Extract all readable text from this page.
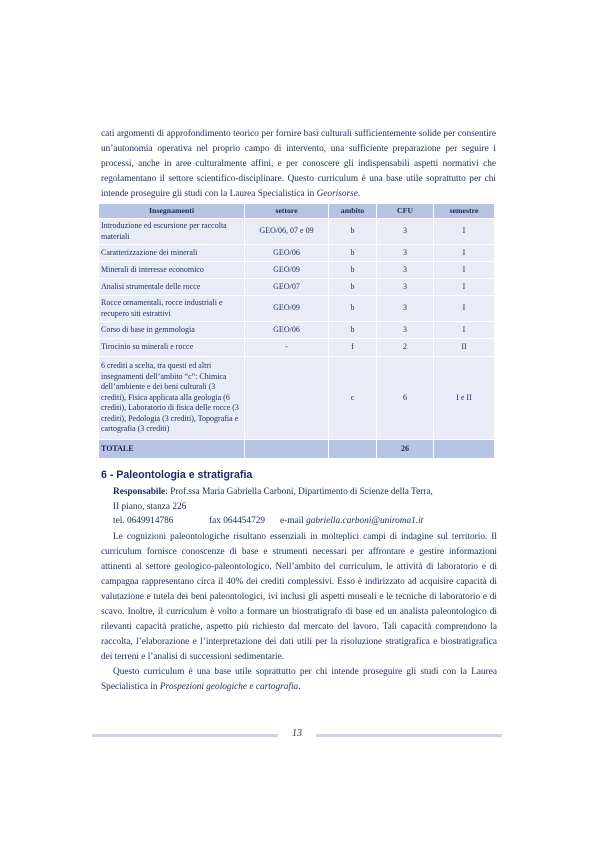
cati argomenti di approfondimento teorico per fornire basi culturali sufficientemente solide per consentire un’autonomia operativa nel proprio campo di intervento, una sufficiente preparazione per seguire i processi, anche in aree culturalmente affini, e per conoscere gli indispensabili aspetti normativi che regolamentano il settore scientifico-disciplinare. Questo curriculum è una base utile soprattutto per chi intende proseguire gli studi con la Laurea Specialistica in Georisorse.

Insegnamenti	settore	ambito	CFU	semestre
Introduzione ed escursione per raccolta materiali	GEO/06, 07 e 09	b	3	I
Caratterizzazione dei minerali	GEO/06	b	3	I
Minerali di interesse economico	GEO/09	b	3	I
Analisi strumentale delle rocce	GEO/07	b	3	I
Rocce ornamentali, rocce industriali e recupero siti estrattivi	GEO/09	b	3	I
Corso di base in gemmologia	GEO/06	b	3	I
Tirocinio su minerali e rocce	-	f	2	II
6 crediti a scelta, tra questi ed altri insegnamenti dell’ambito “c”: Chimica dell’ambiente e dei beni culturali (3 crediti), Fisica applicata alla geologia (6 crediti), Laboratorio di fisica delle rocce (3 crediti), Pedologia (3 crediti), Topografia e cartografia (3 crediti)		c	6	I e II
TOTALE			26	
6 - Paleontologia e stratigrafia
Responsabile: Prof.ssa Maria Gabriella Carboni, Dipartimento di Scienze della Terra,
II piano, stanza 226
tel. 0649914786	fax 064454729 e-mail gabriella.carboni@uniroma1.it

Le cognizioni paleontologiche risultano essenziali in molteplici campi di indagine sul territorio. Il curriculum fornisce conoscenze di base e strumenti necessari per affrontare e gestire informazioni attinenti al settore geologico-paleontologico. Nell’ambito del curriculum, le attività di laboratorio e di campagna rappresentano circa il 40% dei crediti complessivi. Esso è indirizzato ad acquisire capacità di valutazione e tutela dei beni paleontologici, ivi inclusi gli aspetti museali e le tecniche di laboratorio e di scavo. Inoltre, il curriculum è volto a formare un biostratigrafo di base ed un analista paleontologico di rilevanti capacità pratiche, aspetto più richiesto dal mercato del lavoro. Tali capacità comprendono la raccolta, l’elaborazione e l’interpretazione dei dati utili per la risoluzione stratigrafica e biostratigrafica dei terreni e l’analisi di successioni sedimentarie.

Questo curriculum è una base utile soprattutto per chi intende proseguire gli studi con la Laurea Specialistica in Prospezioni geologiche e cartografia.

13
